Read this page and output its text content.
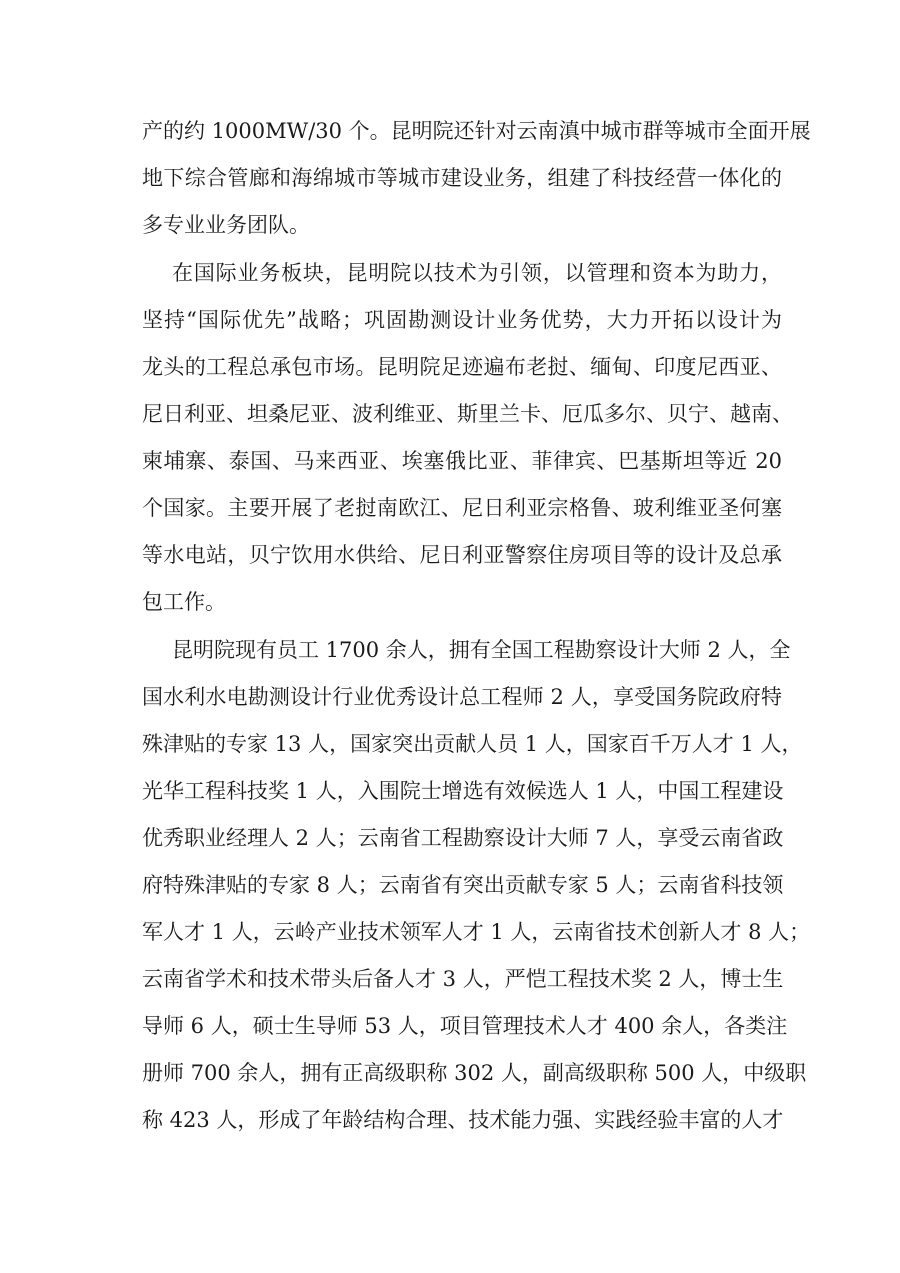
产的约 1000MW/30 个。昆明院还针对云南滇中城市群等城市全面开展
地下综合管廊和海绵城市等城市建设业务，组建了科技经营一体化的
多专业业务团队。
在国际业务板块，昆明院以技术为引领，以管理和资本为助力，
坚持“国际优先”战略；巩固勘测设计业务优势，大力开拓以设计为
龙头的工程总承包市场。昆明院足迹遍布老挝、缅甸、印度尼西亚、
尼日利亚、坦桑尼亚、波利维亚、斯里兰卡、厄瓜多尔、贝宁、越南、
柬埔寨、泰国、马来西亚、埃塞俄比亚、菲律宾、巴基斯坦等近 20
个国家。主要开展了老挝南欧江、尼日利亚宗格鲁、玻利维亚圣何塞
等水电站，贝宁饮用水供给、尼日利亚警察住房项目等的设计及总承
包工作。
昆明院现有员工 1700 余人，拥有全国工程勘察设计大师 2 人，全
国水利水电勘测设计行业优秀设计总工程师 2 人，享受国务院政府特
殊津贴的专家 13 人，国家突出贡献人员 1 人，国家百千万人才 1 人，
光华工程科技奖 1 人，入围院士增选有效候选人 1 人，中国工程建设
优秀职业经理人 2 人；云南省工程勘察设计大师 7 人，享受云南省政
府特殊津贴的专家 8 人；云南省有突出贡献专家 5 人；云南省科技领
军人才 1 人，云岭产业技术领军人才 1 人，云南省技术创新人才 8 人；
云南省学术和技术带头后备人才 3 人，严恺工程技术奖 2 人，博士生
导师 6 人，硕士生导师 53 人，项目管理技术人才 400 余人，各类注
册师 700 余人，拥有正高级职称 302 人，副高级职称 500 人，中级职
称 423 人，形成了年龄结构合理、技术能力强、实践经验丰富的人才
